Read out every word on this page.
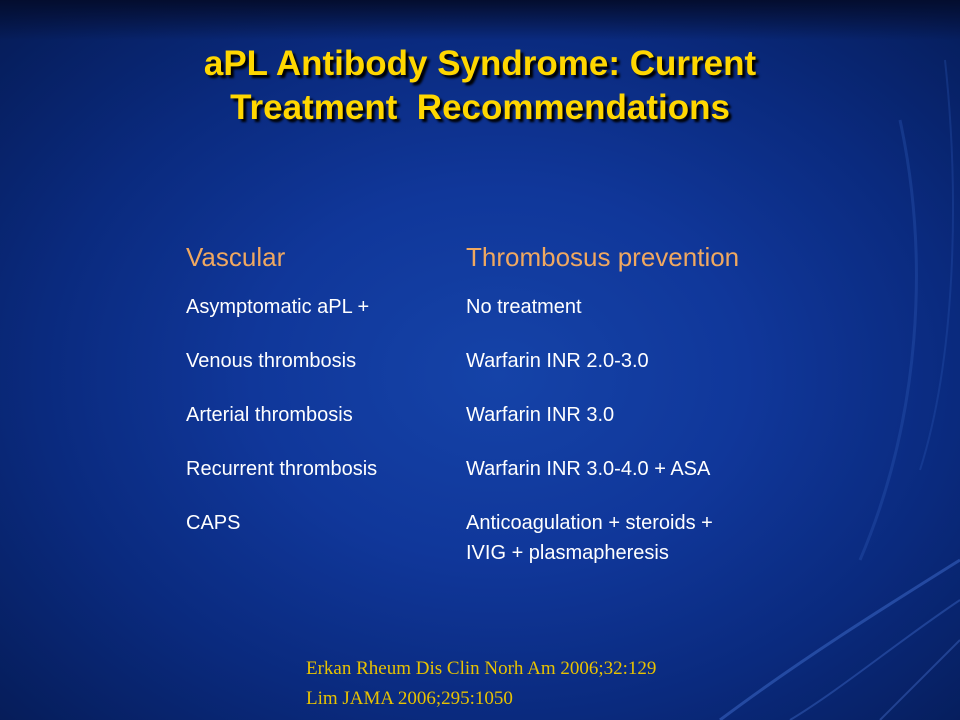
aPL Antibody Syndrome: Current
Treatment  Recommendations
Vascular	Thrombosus prevention
Asymptomatic aPL +	No treatment
Venous thrombosis	Warfarin INR 2.0-3.0
Arterial thrombosis	Warfarin INR 3.0
Recurrent thrombosis	Warfarin INR 3.0-4.0 + ASA
CAPS	Anticoagulation + steroids +
IVIG + plasmapheresis
Erkan Rheum Dis Clin Norh Am 2006;32:129
Lim JAMA 2006;295:1050
